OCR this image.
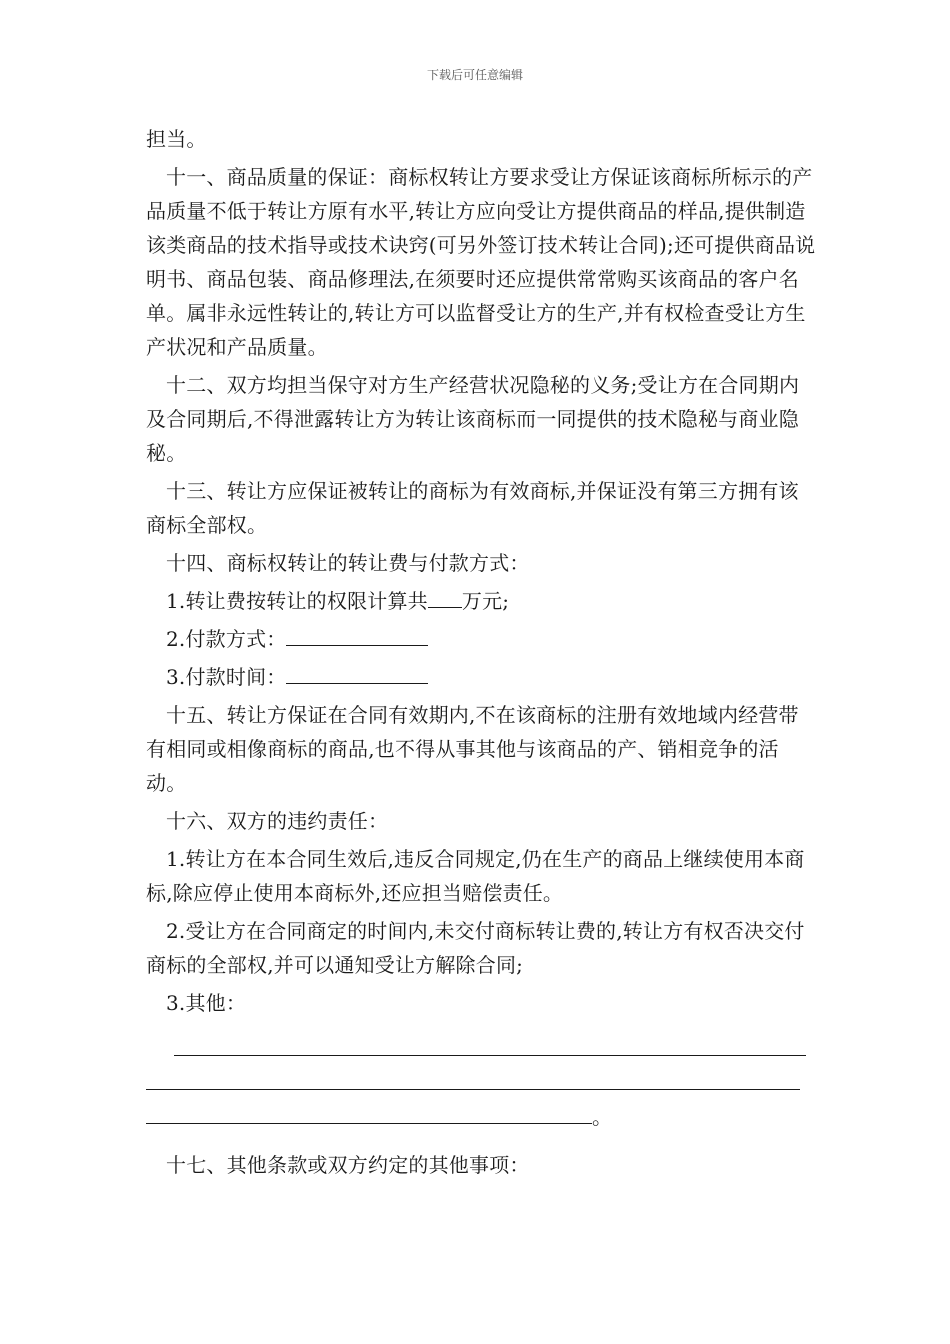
下载后可任意编辑

担当。

十一、商品质量的保证：商标权转让方要求受让方保证该商标所标示的产品质量不低于转让方原有水平,转让方应向受让方提供商品的样品,提供制造该类商品的技术指导或技术诀窍(可另外签订技术转让合同);还可提供商品说明书、商品包装、商品修理法,在须要时还应提供常常购买该商品的客户名单。属非永远性转让的,转让方可以监督受让方的生产,并有权检查受让方生产状况和产品质量。

十二、双方均担当保守对方生产经营状况隐秘的义务;受让方在合同期内及合同期后,不得泄露转让方为转让该商标而一同提供的技术隐秘与商业隐秘。

十三、转让方应保证被转让的商标为有效商标,并保证没有第三方拥有该商标全部权。

十四、商标权转让的转让费与付款方式：

1.转让费按转让的权限计算共 万元;

2.付款方式：

3.付款时间：

十五、转让方保证在合同有效期内,不在该商标的注册有效地域内经营带有相同或相像商标的商品,也不得从事其他与该商品的产、销相竞争的活动。

十六、双方的违约责任：

1.转让方在本合同生效后,违反合同规定,仍在生产的商品上继续使用本商标,除应停止使用本商标外,还应担当赔偿责任。

2.受让方在合同商定的时间内,未交付商标转让费的,转让方有权否决交付商标的全部权,并可以通知受让方解除合同;

3.其他：

。

十七、其他条款或双方约定的其他事项：
